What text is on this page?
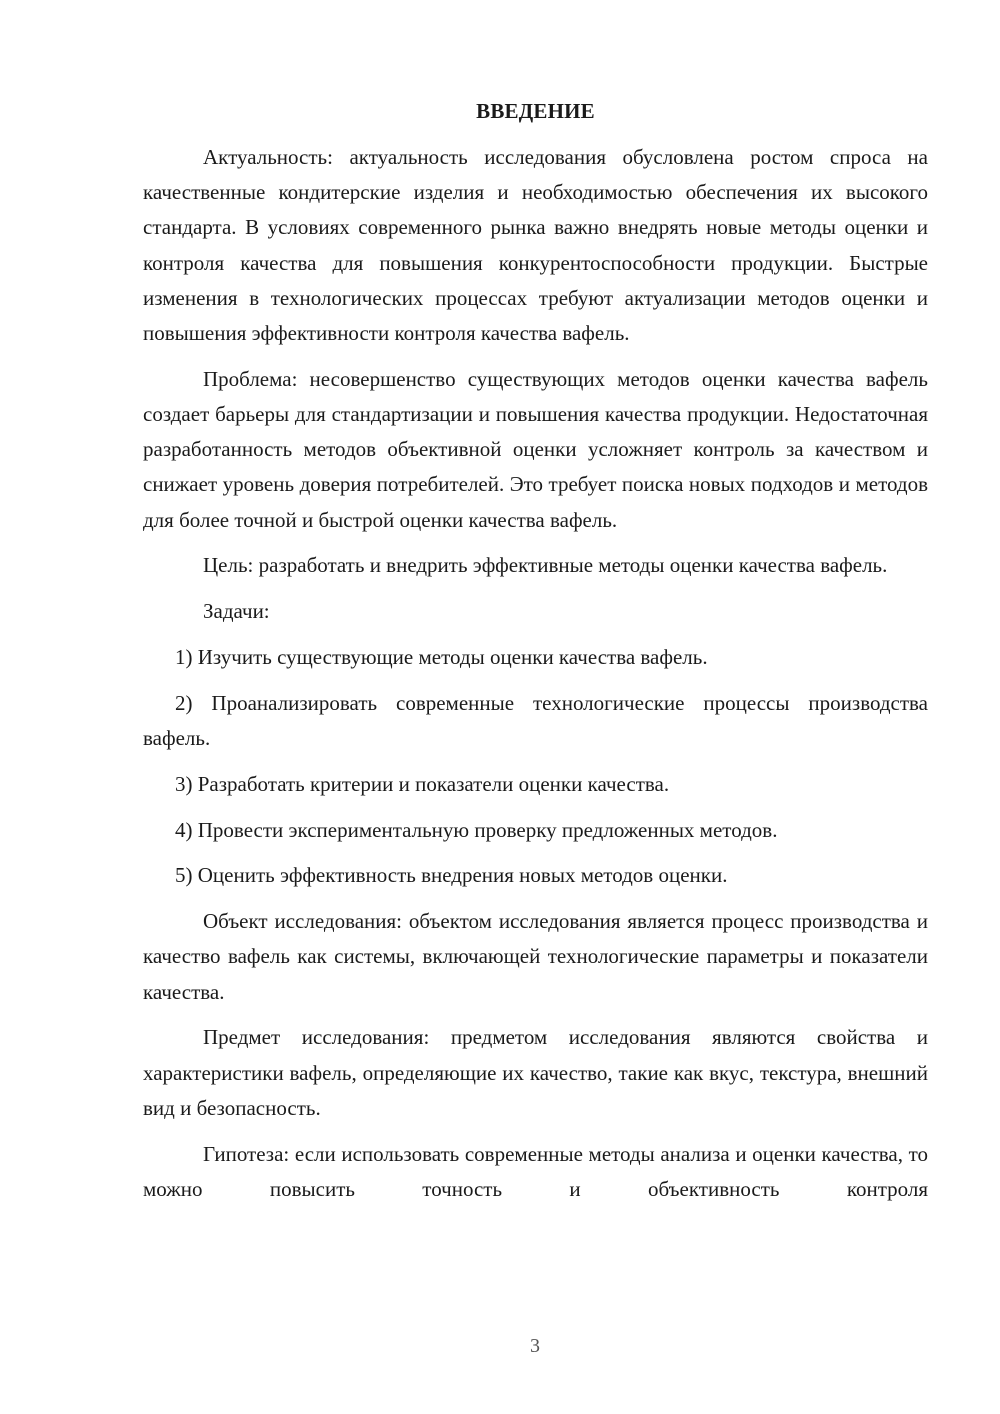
ВВЕДЕНИЕ

Актуальность: актуальность исследования обусловлена ростом спроса на качественные кондитерские изделия и необходимостью обеспечения их высокого стандарта. В условиях современного рынка важно внедрять новые методы оценки и контроля качества для повышения конкурентоспособности продукции. Быстрые изменения в технологических процессах требуют актуализации методов оценки и повышения эффективности контроля качества вафель.

Проблема: несовершенство существующих методов оценки качества вафель создает барьеры для стандартизации и повышения качества продукции. Недостаточная разработанность методов объективной оценки усложняет контроль за качеством и снижает уровень доверия потребителей. Это требует поиска новых подходов и методов для более точной и быстрой оценки качества вафель.

Цель: разработать и внедрить эффективные методы оценки качества вафель.

Задачи:

1) Изучить существующие методы оценки качества вафель.

2) Проанализировать современные технологические процессы производства вафель.

3) Разработать критерии и показатели оценки качества.

4) Провести экспериментальную проверку предложенных методов.

5) Оценить эффективность внедрения новых методов оценки.

Объект исследования: объектом исследования является процесс производства и качество вафель как системы, включающей технологические параметры и показатели качества.

Предмет исследования: предметом исследования являются свойства и характеристики вафель, определяющие их качество, такие как вкус, текстура, внешний вид и безопасность.

Гипотеза: если использовать современные методы анализа и оценки качества, то можно повысить точность и объективность контроля

3
